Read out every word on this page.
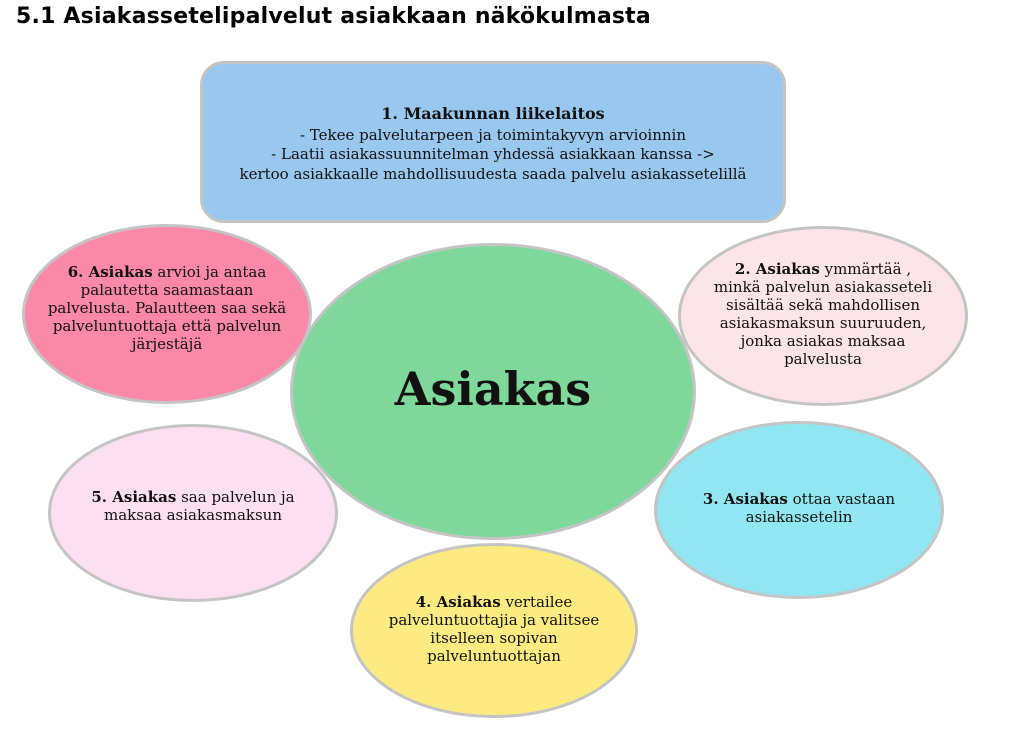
5.1 Asiakassetelipalvelut asiakkaan näkökulmasta
1. Maakunnan liikelaitos
- Tekee palvelutarpeen ja toimintakyvyn arvioinnin
- Laatii asiakassuunnitelman yhdessä asiakkaan kanssa ->
kertoo asiakkaalle mahdollisuudesta saada palvelu asiakassetelillä
6. Asiakas arvioi ja antaa palautetta saamastaan palvelusta. Palautteen saa sekä palveluntuottaja että palvelun järjestäjä
2. Asiakas ymmärtää , minkä palvelun asiakasseteli sisältää sekä mahdollisen asiakasmaksun suuruuden, jonka asiakas maksaa palvelusta
5. Asiakas saa palvelun ja maksaa asiakasmaksun
3. Asiakas ottaa vastaan asiakassetelin
4. Asiakas vertailee palveluntuottajia ja valitsee itselleen sopivan palveluntuottajan
Asiakas
